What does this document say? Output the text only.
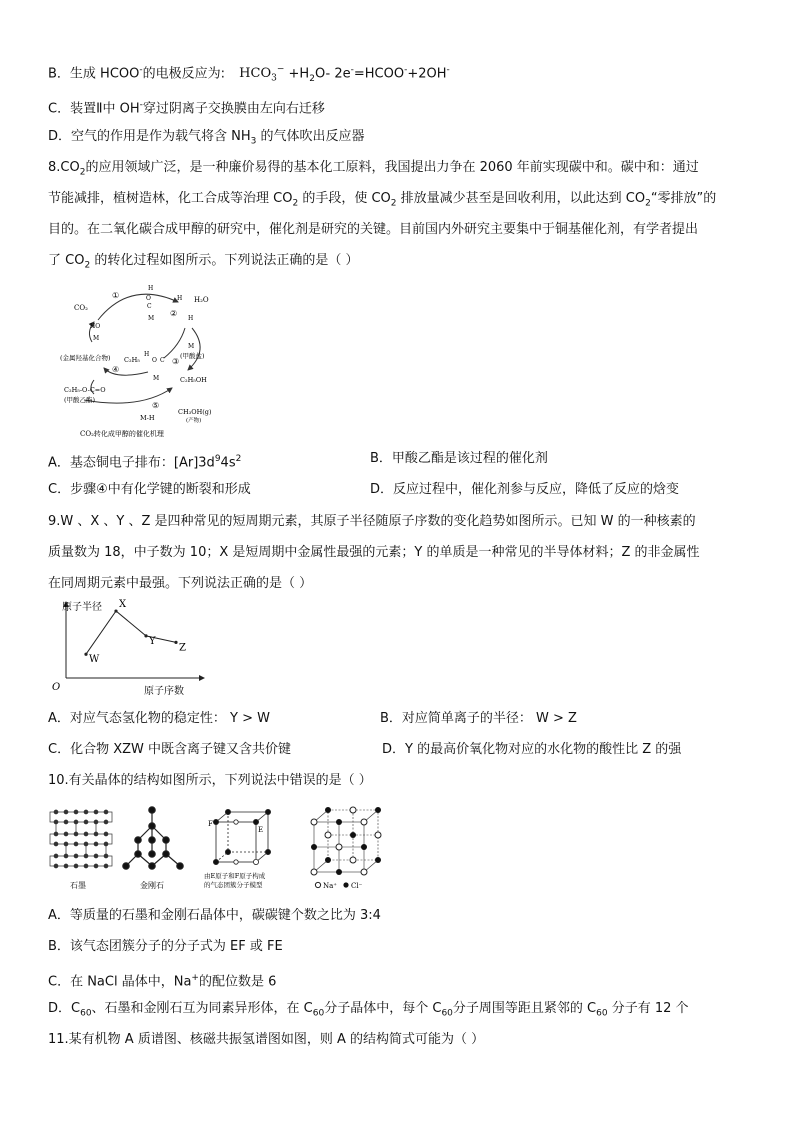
B．生成 HCOO-的电极反应为: $HCO_3^- +H_2O-$ 2e-=HCOO-+2OH-
C．装置Ⅱ中 OH-穿过阴离子交换膜由左向右迁移
D．空气的作用是作为载气将含 $NH_3$ 的气体吹出反应器
$8.CO_2$的应用领域广泛，是一种廉价易得的基本化工原料，我国提出力争在 2060 年前实现碳中和。碳中和：通过
节能减排，植树造林，化工合成等治理 $CO_2$ 的手段，使 $CO_2$ 排放量减少甚至是回收利用，以此达到 $CO_2“$零排放”的
目的。在二氧化碳合成甲醇的研究中，催化剂是研究的关键。目前国内外研究主要集中于铜基催化剂，有学者提出
了 $CO_2$ 的转化过程如图所示。下列说法正确的是（ ）
CO₂
①
H
O
C
M
H H₂O
②
H
M
(甲酸盐)
HO
M
(金属羟基化合物) C₂H₅
H
O C
M
③
④
C₂H₅OH
C₂H₅-O-C=O
(甲酸乙酯)
⑤
M-H
CH₃OH(g)
(产物)
CO₂转化成甲醇的催化机理
A．基态铜电子排布：$[Ar]3d^94s^2$	B．甲酸乙酯是该过程的催化剂
C．步骤④中有化学键的断裂和形成	D．反应过程中，催化剂参与反应，降低了反应的焓变
9.W 、X 、Y 、Z 是四种常见的短周期元素，其原子半径随原子序数的变化趋势如图所示。已知 W 的一种核素的
质量数为 18，中子数为 10；X 是短周期中金属性最强的元素；Y 的单质是一种常见的半导体材料；Z 的非金属性
在同周期元素中最强。下列说法正确的是（ ）
原子半径
原子序数
O
W
X
Y
Z
A．对应气态氢化物的稳定性： Y > W	B．对应简单离子的半径： W > Z
C．化合物 XZW 中既含离子键又含共价键	D．Y 的最高价氧化物对应的水化物的酸性比 Z 的强
10.有关晶体的结构如图所示，下列说法中错误的是（ ）
石墨	金刚石
F
E
由E原子和F原子构成
的气态团簇分子模型	Na⁺ Cl⁻
A．等质量的石墨和金刚石晶体中，碳碳键个数之比为 3:4
B．该气态团簇分子的分子式为 EF 或 FE
C．在 NaCl 晶体中，Na+的配位数是 6
D．$C_{60}$、石墨和金刚石互为同素异形体，在 $C_{60}$分子晶体中，每个 $C_{60}$分子周围等距且紧邻的 $C_{60}$ 分子有 12 个
11.某有机物 A 质谱图、核磁共振氢谱图如图，则 A 的结构简式可能为（ ）
